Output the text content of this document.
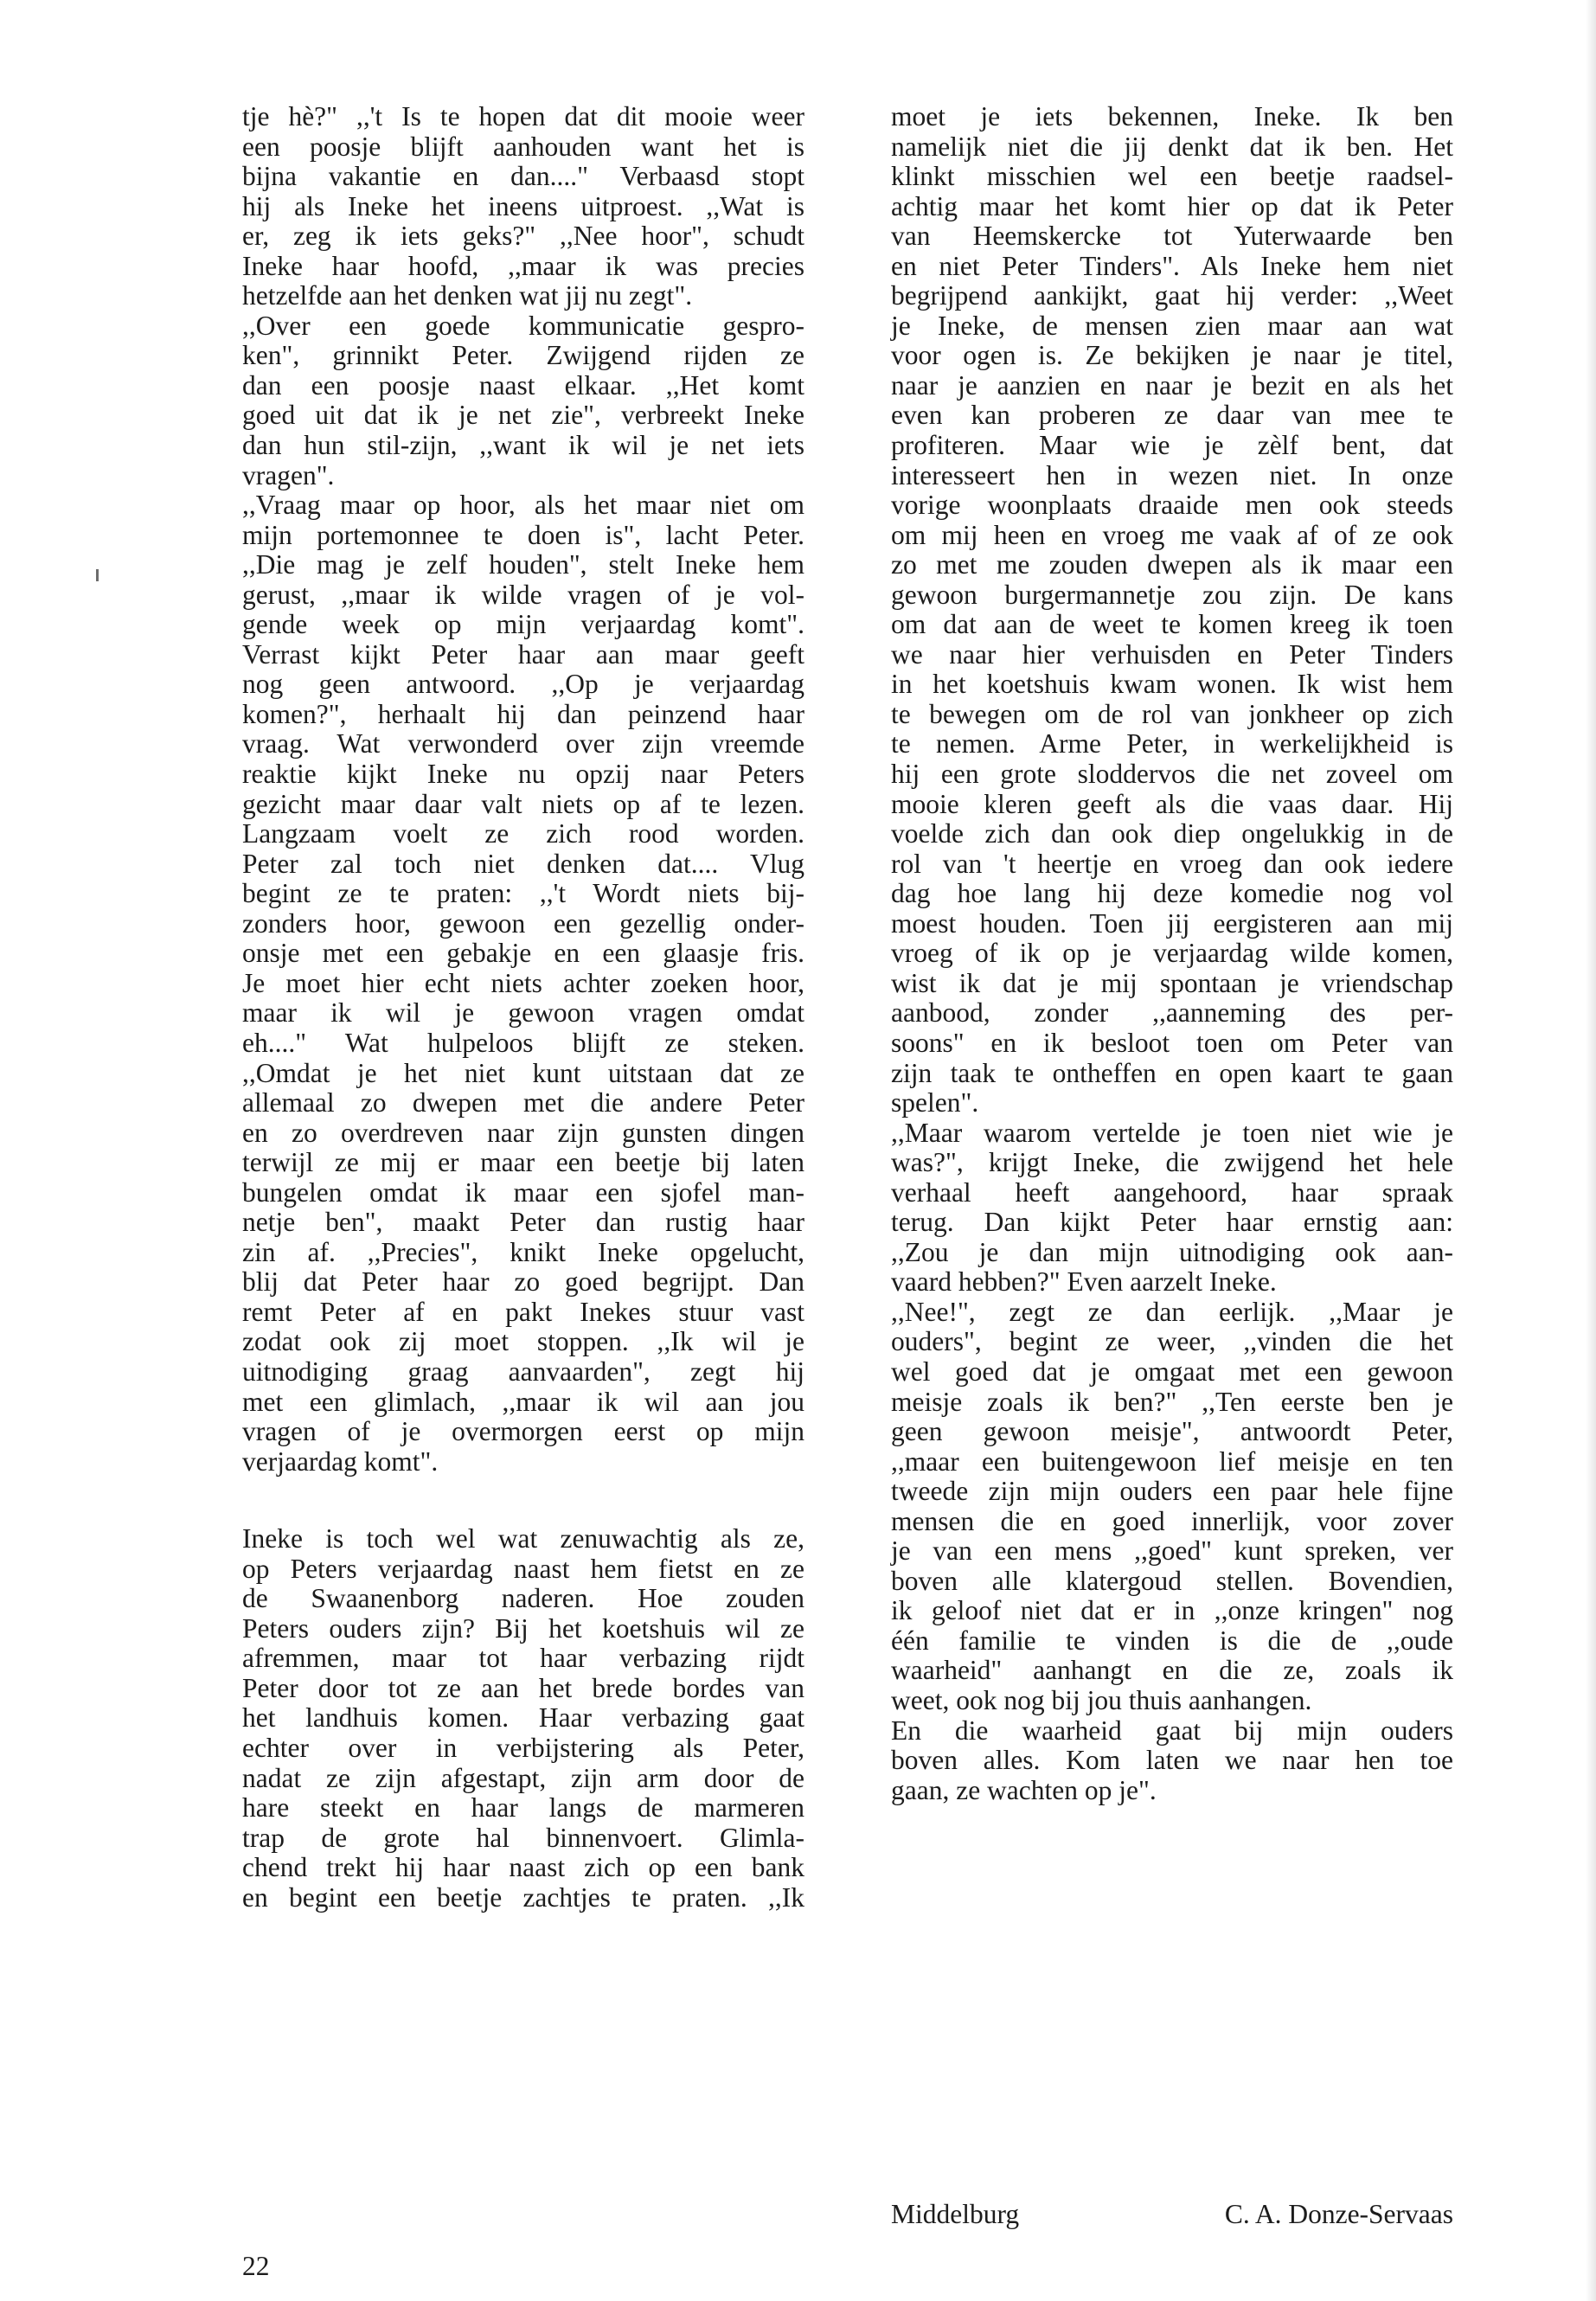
tje hè?" ,,'t Is te hopen dat dit mooie weer
een poosje blijft aanhouden want het is
bijna vakantie en dan...." Verbaasd stopt
hij als Ineke het ineens uitproest. ,,Wat is
er, zeg ik iets geks?" ,,Nee hoor", schudt
Ineke haar hoofd, ,,maar ik was precies
hetzelfde aan het denken wat jij nu zegt".
,,Over een goede kommunicatie gespro-
ken", grinnikt Peter. Zwijgend rijden ze
dan een poosje naast elkaar. ,,Het komt
goed uit dat ik je net zie", verbreekt Ineke
dan hun stil-zijn, ,,want ik wil je net iets
vragen".
,,Vraag maar op hoor, als het maar niet om
mijn portemonnee te doen is", lacht Peter.
,,Die mag je zelf houden", stelt Ineke hem
gerust, ,,maar ik wilde vragen of je vol-
gende week op mijn verjaardag komt".
Verrast kijkt Peter haar aan maar geeft
nog geen antwoord. ,,Op je verjaardag
komen?", herhaalt hij dan peinzend haar
vraag. Wat verwonderd over zijn vreemde
reaktie kijkt Ineke nu opzij naar Peters
gezicht maar daar valt niets op af te lezen.
Langzaam voelt ze zich rood worden.
Peter zal toch niet denken dat.... Vlug
begint ze te praten: ,,'t Wordt niets bij-
zonders hoor, gewoon een gezellig onder-
onsje met een gebakje en een glaasje fris.
Je moet hier echt niets achter zoeken hoor,
maar ik wil je gewoon vragen omdat
eh...." Wat hulpeloos blijft ze steken.
,,Omdat je het niet kunt uitstaan dat ze
allemaal zo dwepen met die andere Peter
en zo overdreven naar zijn gunsten dingen
terwijl ze mij er maar een beetje bij laten
bungelen omdat ik maar een sjofel man-
netje ben", maakt Peter dan rustig haar
zin af. ,,Precies", knikt Ineke opgelucht,
blij dat Peter haar zo goed begrijpt. Dan
remt Peter af en pakt Inekes stuur vast
zodat ook zij moet stoppen. ,,Ik wil je
uitnodiging graag aanvaarden", zegt hij
met een glimlach, ,,maar ik wil aan jou
vragen of je overmorgen eerst op mijn
verjaardag komt".
Ineke is toch wel wat zenuwachtig als ze,
op Peters verjaardag naast hem fietst en ze
de Swaanenborg naderen. Hoe zouden
Peters ouders zijn? Bij het koetshuis wil ze
afremmen, maar tot haar verbazing rijdt
Peter door tot ze aan het brede bordes van
het landhuis komen. Haar verbazing gaat
echter over in verbijstering als Peter,
nadat ze zijn afgestapt, zijn arm door de
hare steekt en haar langs de marmeren
trap de grote hal binnenvoert. Glimla-
chend trekt hij haar naast zich op een bank
en begint een beetje zachtjes te praten. ,,Ik
moet je iets bekennen, Ineke. Ik ben
namelijk niet die jij denkt dat ik ben. Het
klinkt misschien wel een beetje raadsel-
achtig maar het komt hier op dat ik Peter
van Heemskercke tot Yuterwaarde ben
en niet Peter Tinders". Als Ineke hem niet
begrijpend aankijkt, gaat hij verder: ,,Weet
je Ineke, de mensen zien maar aan wat
voor ogen is. Ze bekijken je naar je titel,
naar je aanzien en naar je bezit en als het
even kan proberen ze daar van mee te
profiteren. Maar wie je zèlf bent, dat
interesseert hen in wezen niet. In onze
vorige woonplaats draaide men ook steeds
om mij heen en vroeg me vaak af of ze ook
zo met me zouden dwepen als ik maar een
gewoon burgermannetje zou zijn. De kans
om dat aan de weet te komen kreeg ik toen
we naar hier verhuisden en Peter Tinders
in het koetshuis kwam wonen. Ik wist hem
te bewegen om de rol van jonkheer op zich
te nemen. Arme Peter, in werkelijkheid is
hij een grote sloddervos die net zoveel om
mooie kleren geeft als die vaas daar. Hij
voelde zich dan ook diep ongelukkig in de
rol van 't heertje en vroeg dan ook iedere
dag hoe lang hij deze komedie nog vol
moest houden. Toen jij eergisteren aan mij
vroeg of ik op je verjaardag wilde komen,
wist ik dat je mij spontaan je vriendschap
aanbood, zonder ,,aanneming des per-
soons" en ik besloot toen om Peter van
zijn taak te ontheffen en open kaart te gaan
spelen".
,,Maar waarom vertelde je toen niet wie je
was?", krijgt Ineke, die zwijgend het hele
verhaal heeft aangehoord, haar spraak
terug. Dan kijkt Peter haar ernstig aan:
,,Zou je dan mijn uitnodiging ook aan-
vaard hebben?" Even aarzelt Ineke.
,,Nee!", zegt ze dan eerlijk. ,,Maar je
ouders", begint ze weer, ,,vinden die het
wel goed dat je omgaat met een gewoon
meisje zoals ik ben?" ,,Ten eerste ben je
geen gewoon meisje", antwoordt Peter,
,,maar een buitengewoon lief meisje en ten
tweede zijn mijn ouders een paar hele fijne
mensen die en goed innerlijk, voor zover
je van een mens ,,goed" kunt spreken, ver
boven alle klatergoud stellen. Bovendien,
ik geloof niet dat er in ,,onze kringen" nog
één familie te vinden is die de ,,oude
waarheid" aanhangt en die ze, zoals ik
weet, ook nog bij jou thuis aanhangen.
En die waarheid gaat bij mijn ouders
boven alles. Kom laten we naar hen toe
gaan, ze wachten op je".
Middelburg	C. A. Donze-Servaas
22
